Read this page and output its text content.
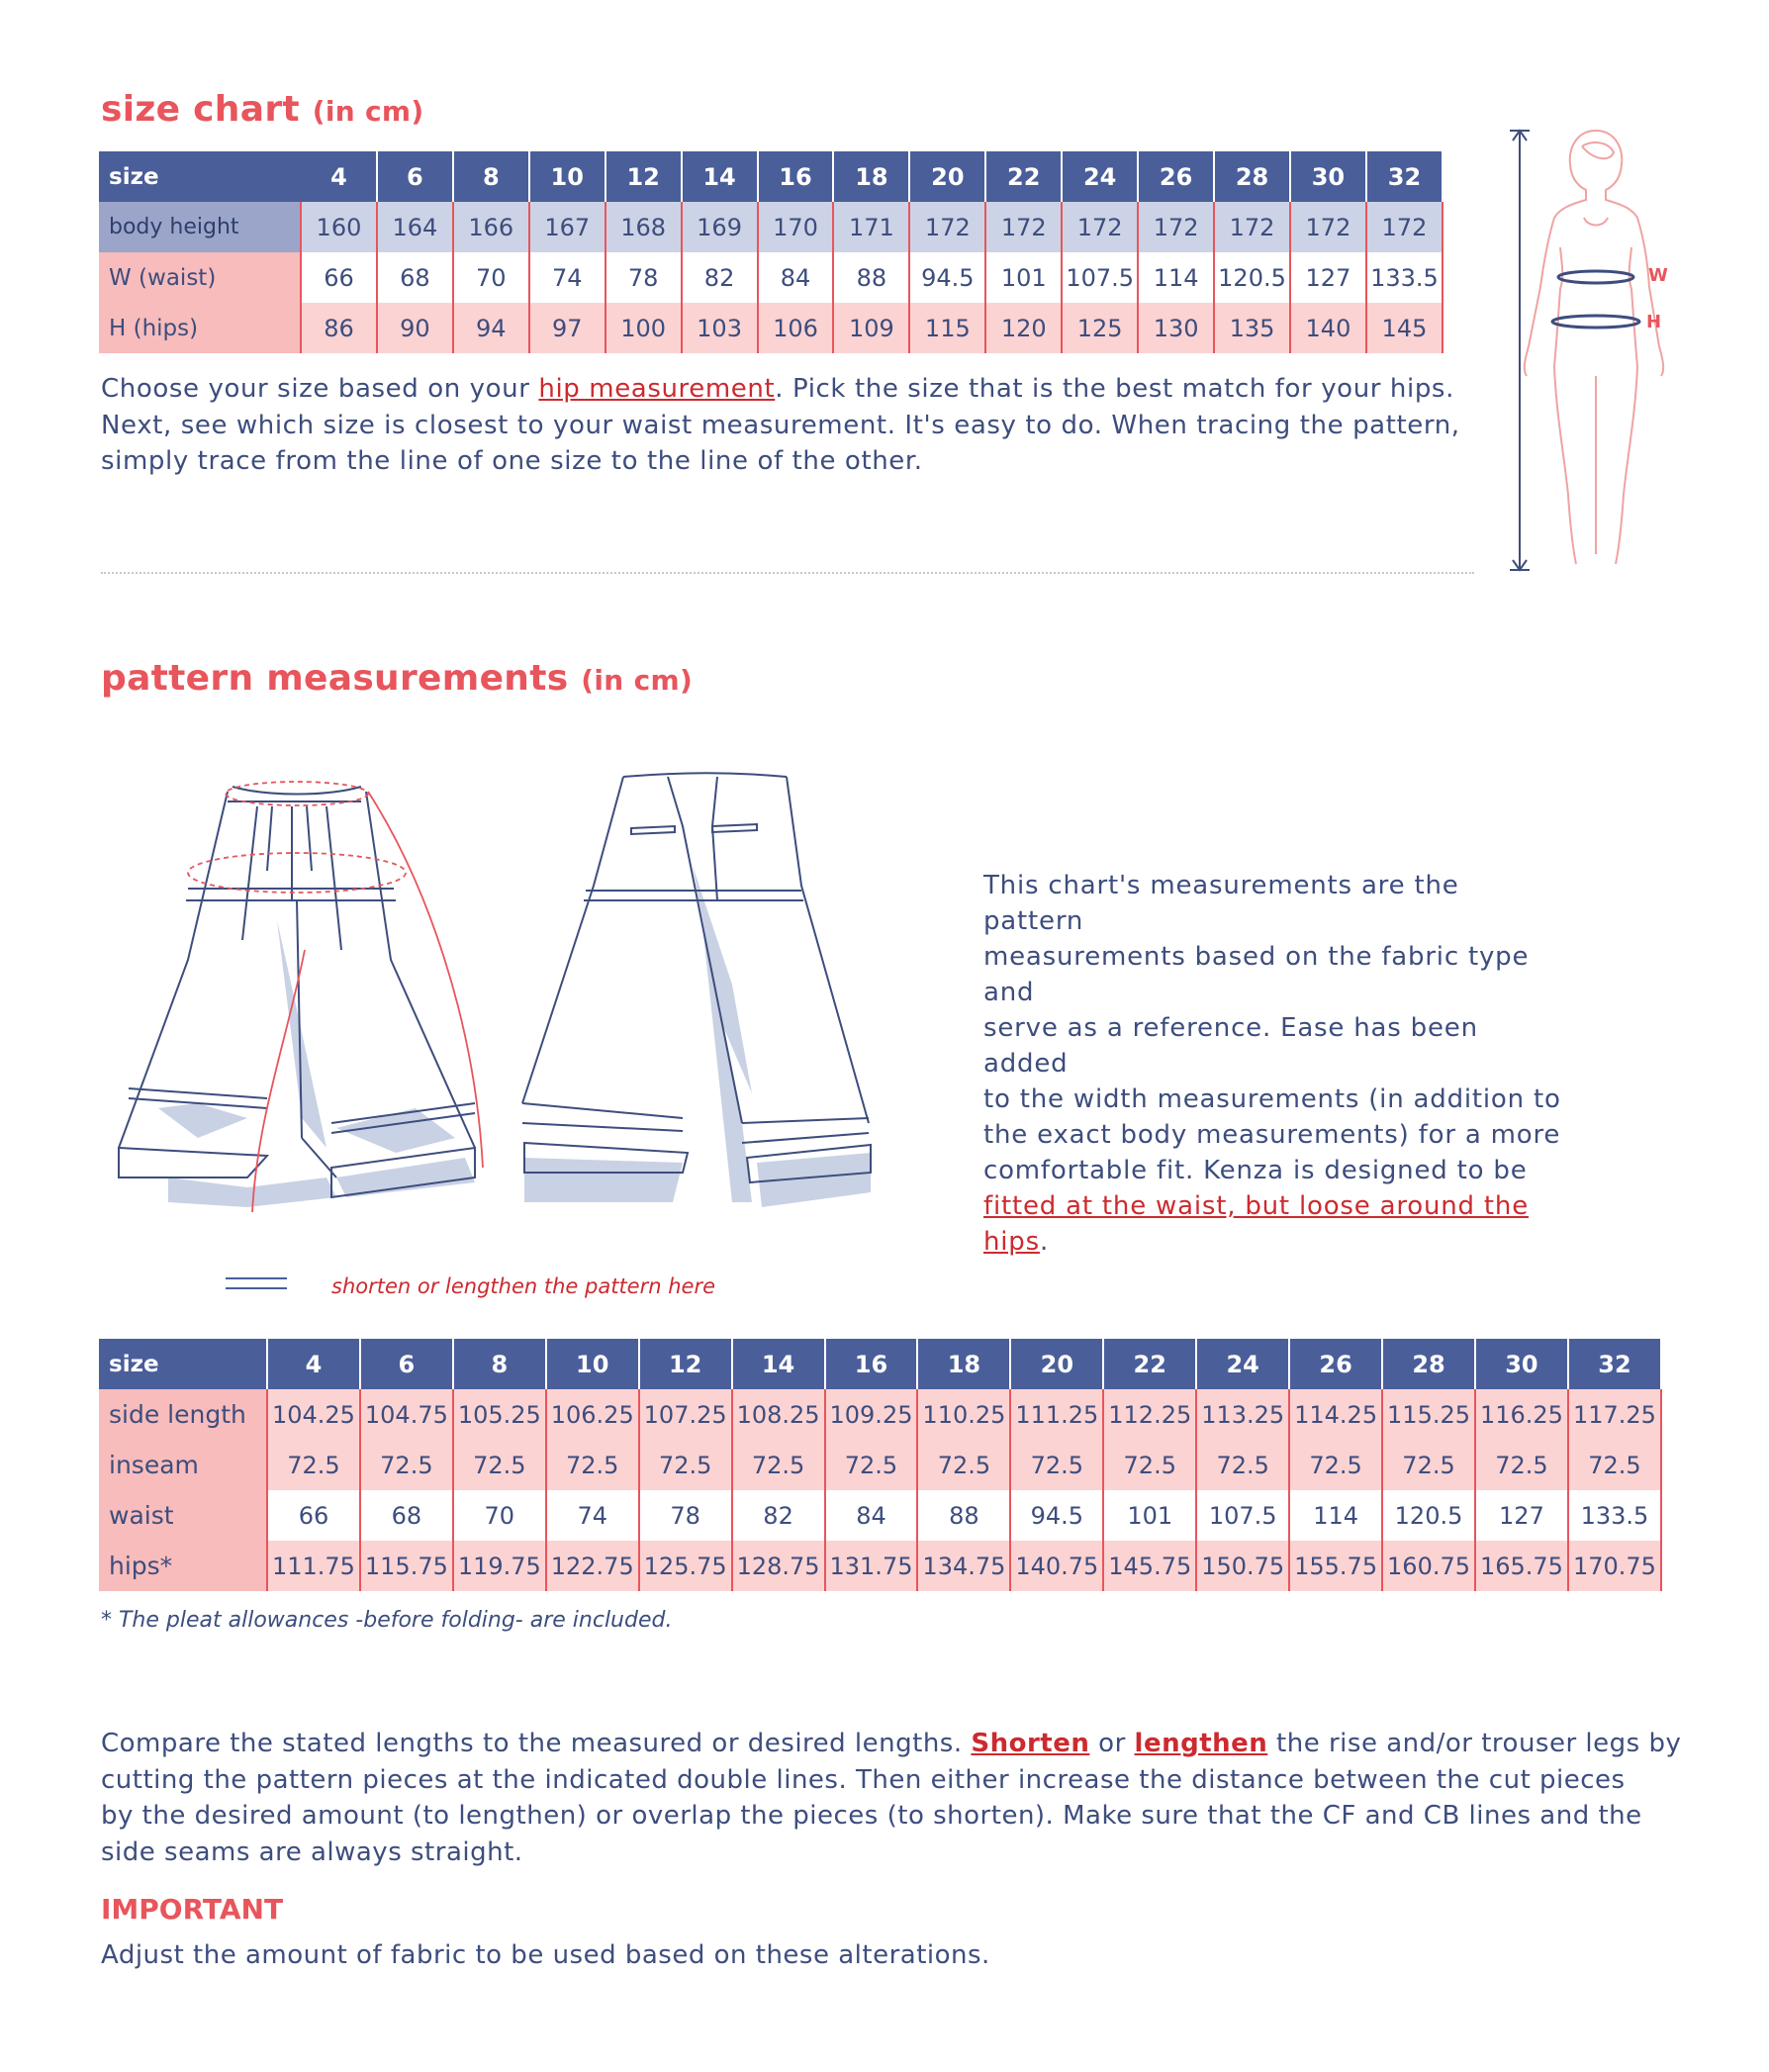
size chart (in cm)
size	4	6	8	10	12	14	16	18	20	22	24	26	28	30	32
body height	160	164	166	167	168	169	170	171	172	172	172	172	172	172	172
W (waist)	66	68	70	74	78	82	84	88	94.5	101	107.5	114	120.5	127	133.5
H (hips)	86	90	94	97	100	103	106	109	115	120	125	130	135	140	145
Choose your size based on your hip measurement. Pick the size that is the best match for your hips.
Next, see which size is closest to your waist measurement. It's easy to do. When tracing the pattern,
simply trace from the line of one size to the line of the other.
W
H
pattern measurements (in cm)
shorten or lengthen the pattern here
This chart's measurements are the pattern
measurements based on the fabric type and
serve as a reference. Ease has been added
to the width measurements (in addition to
the exact body measurements) for a more
comfortable fit. Kenza is designed to be
fitted at the waist, but loose around the
hips.
size	4	6	8	10	12	14	16	18	20	22	24	26	28	30	32
side length	104.25	104.75	105.25	106.25	107.25	108.25	109.25	110.25	111.25	112.25	113.25	114.25	115.25	116.25	117.25
inseam	72.5	72.5	72.5	72.5	72.5	72.5	72.5	72.5	72.5	72.5	72.5	72.5	72.5	72.5	72.5
waist	66	68	70	74	78	82	84	88	94.5	101	107.5	114	120.5	127	133.5
hips*	111.75	115.75	119.75	122.75	125.75	128.75	131.75	134.75	140.75	145.75	150.75	155.75	160.75	165.75	170.75
* The pleat allowances -before folding- are included.
Compare the stated lengths to the measured or desired lengths. Shorten or lengthen the rise and/or trouser legs by
cutting the pattern pieces at the indicated double lines. Then either increase the distance between the cut pieces
by the desired amount (to lengthen) or overlap the pieces (to shorten). Make sure that the CF and CB lines and the
side seams are always straight.
IMPORTANT
Adjust the amount of fabric to be used based on these alterations.
